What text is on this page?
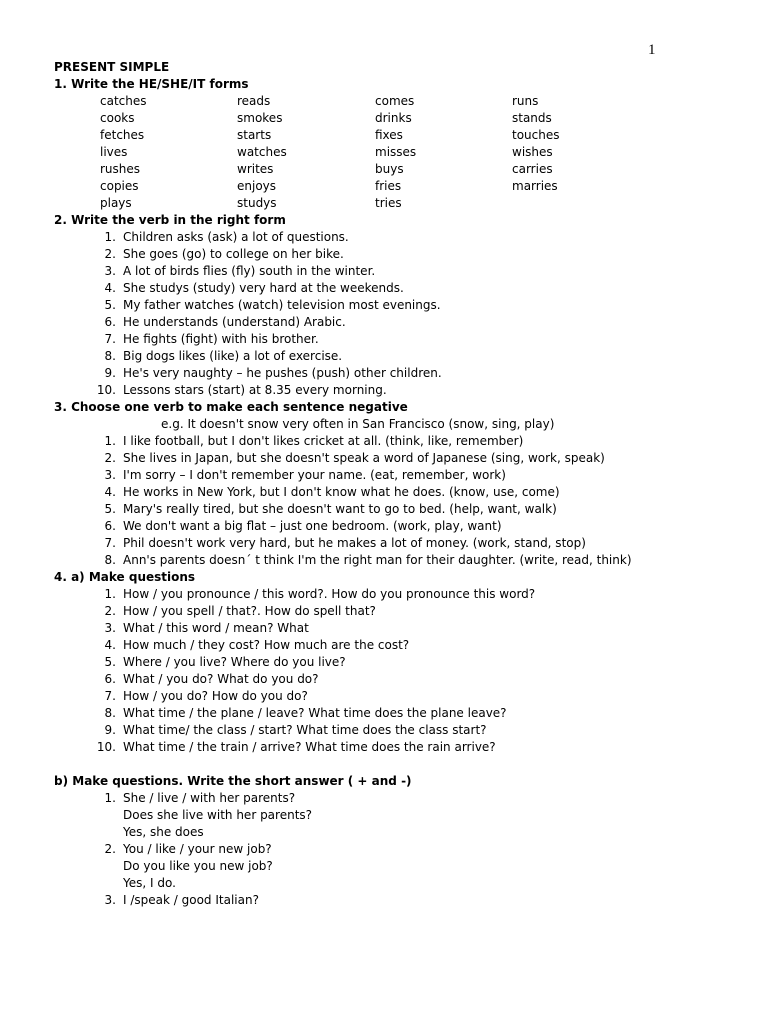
1
PRESENT SIMPLE
1. Write the HE/SHE/IT forms
catches	reads	comes	runs
cooks	smokes	drinks	stands
fetches	starts	fixes	touches
lives	watches	misses	wishes
rushes	writes	buys	carries
copies	enjoys	fries	marries
plays	studys	tries
2. Write the verb in the right form
1. Children asks (ask) a lot of questions.
2. She goes (go) to college on her bike.
3. A lot of birds flies (fly) south in the winter.
4. She studys (study) very hard at the weekends.
5. My father watches (watch) television most evenings.
6. He understands (understand) Arabic.
7. He fights (fight) with his brother.
8. Big dogs likes (like) a lot of exercise.
9. He's very naughty – he pushes (push) other children.
10. Lessons stars (start) at 8.35 every morning.
3. Choose one verb to make each sentence negative
e.g. It doesn't snow very often in San Francisco (snow, sing, play)
1. I like football, but I don't likes cricket at all. (think, like, remember)
2. She lives in Japan, but she doesn't speak a word of Japanese (sing, work, speak)
3. I'm sorry – I don't remember your name. (eat, remember, work)
4. He works in New York, but I don't know what he does. (know, use, come)
5. Mary's really tired, but she doesn't want to go to bed. (help, want, walk)
6. We don't want a big flat – just one bedroom. (work, play, want)
7. Phil doesn't work very hard, but he makes a lot of money. (work, stand, stop)
8. Ann's parents doesn´ t think I'm the right man for their daughter. (write, read, think)
4. a) Make questions
1. How / you pronounce / this word?. How do you pronounce this word?
2. How / you spell / that?. How do spell that?
3. What / this word / mean? What
4. How much / they cost? How much are the cost?
5. Where / you live? Where do you live?
6. What / you do? What do you do?
7. How / you do? How do you do?
8. What time / the plane / leave? What time does the plane leave?
9. What time/ the class / start? What time does the class start?
10. What time / the train / arrive? What time does the rain arrive?
b) Make questions. Write the short answer ( + and -)
1. She / live / with her parents?
Does she live with her parents?
Yes, she does
2. You / like / your new job?
Do you like you new job?
Yes, I do.
3. I /speak / good Italian?
